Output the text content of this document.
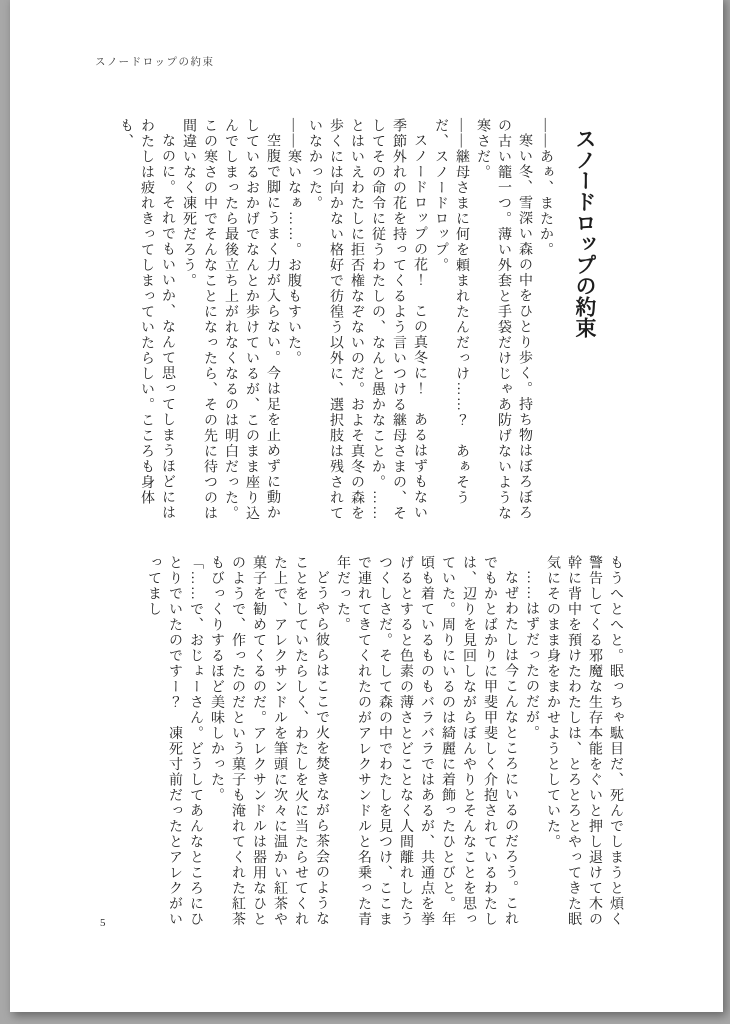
スノードロップの約束
スノードロップの約束

——あぁ、またか。

寒い冬、雪深い森の中をひとり歩く。持ち物はぼろぼろの古い籠一つ。薄い外套と手袋だけじゃあ防げないような寒さだ。

——継母さまに何を頼まれたんだっけ……？　あぁそうだ、スノードロップ。

スノードロップの花！　この真冬に！　あるはずもない季節外れの花を持ってくるよう言いつける継母さまの、そしてその命令に従うわたしの、なんと愚かなことか。……とはいえわたしに拒否権なぞないのだ。およそ真冬の森を歩くには向かない格好で彷徨う以外に、選択肢は残されていなかった。

——寒いなぁ……。お腹もすいた。

空腹で脚にうまく力が入らない。今は足を止めずに動かしているおかげでなんとか歩けているが、このまま座り込んでしまったら最後立ち上がれなくなるのは明白だった。この寒さの中でそんなことになったら、その先に待つのは間違いなく凍死だろう。

なのに。それでもいいか、なんて思ってしまうほどにはわたしは疲れきってしまっていたらしい。こころも身体も、

もうへとへと。眠っちゃ駄目だ、死んでしまうと煩く警告してくる邪魔な生存本能をぐいと押し退けて木の幹に背中を預けたわたしは、とろとろとやってきた眠気にそのまま身をまかせようとしていた。

……はずだったのだが。

なぜわたしは今こんなところにいるのだろう。これでもかとばかりに甲斐甲斐しく介抱されているわたしは、辺りを見回しながらぼんやりとそんなことを思っていた。周りにいるのは綺麗に着飾ったひとびと。年頃も着ているものもバラバラではあるが、共通点を挙げるとすると色素の薄さとどことなく人間離れしたうつくしさだ。そして森の中でわたしを見つけ、ここまで連れてきてくれたのがアレクサンドルと名乗った青年だった。

どうやら彼らはここで火を焚きながら茶会のようなことをしていたらしく、わたしを火に当たらせてくれた上で、アレクサンドルを筆頭に次々に温かい紅茶や菓子を勧めてくるのだ。アレクサンドルは器用なひとのようで、作ったのだという菓子も淹れてくれた紅茶もびっくりするほど美味しかった。

「……で、おじょーさん。どうしてあんなところにひとりでいたのですー？　凍死寸前だったとアレクがいってまし

5
